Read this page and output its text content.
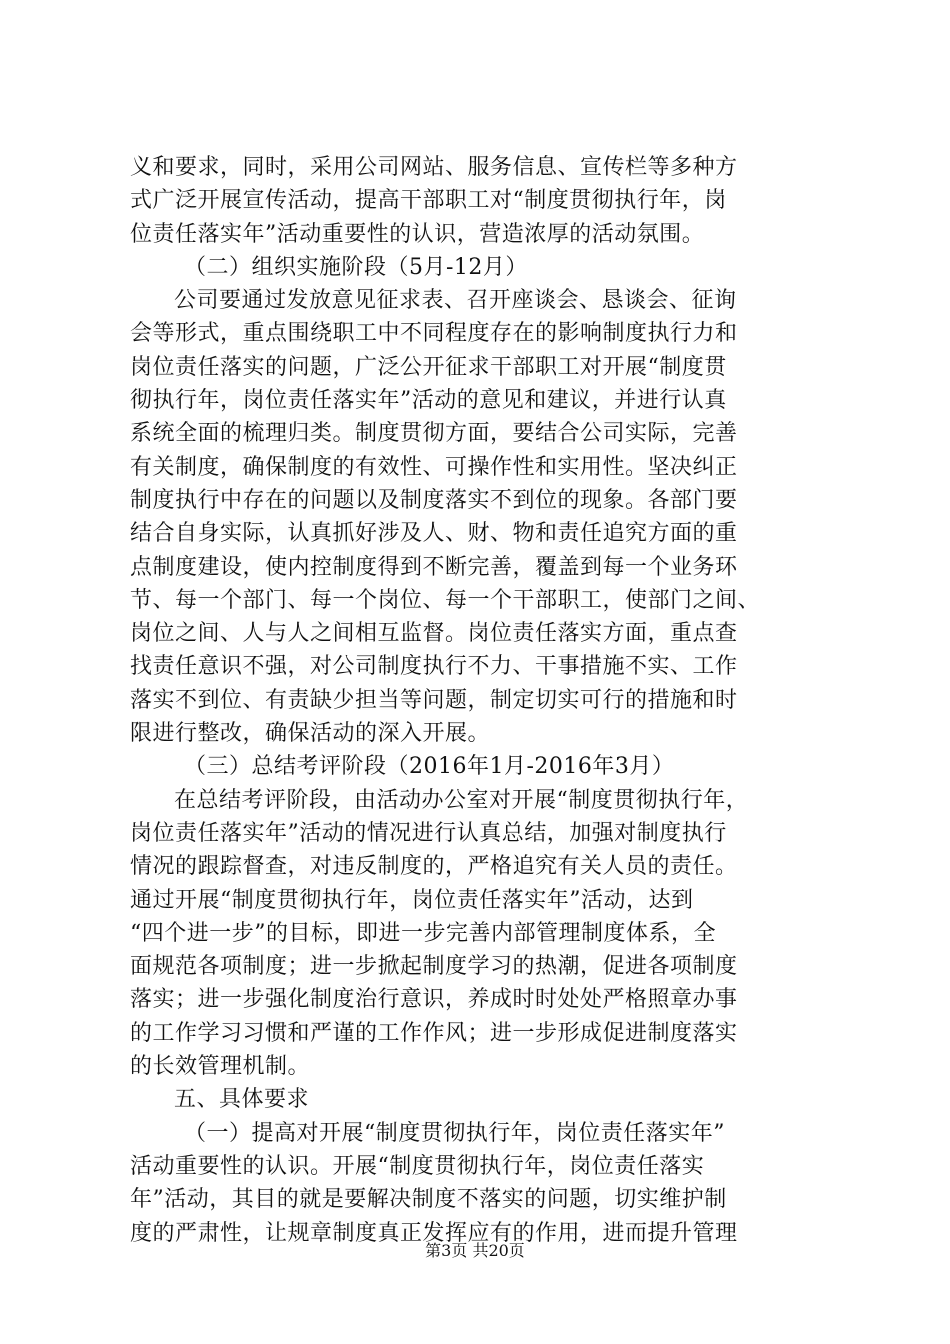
义和要求，同时，采用公司网站、服务信息、宣传栏等多种方
式广泛开展宣传活动，提高干部职工对“制度贯彻执行年，岗
位责任落实年”活动重要性的认识，营造浓厚的活动氛围。
（二）组织实施阶段（5月-12月）
公司要通过发放意见征求表、召开座谈会、恳谈会、征询
会等形式，重点围绕职工中不同程度存在的影响制度执行力和
岗位责任落实的问题，广泛公开征求干部职工对开展“制度贯
彻执行年，岗位责任落实年”活动的意见和建议，并进行认真
系统全面的梳理归类。制度贯彻方面，要结合公司实际，完善
有关制度，确保制度的有效性、可操作性和实用性。坚决纠正
制度执行中存在的问题以及制度落实不到位的现象。各部门要
结合自身实际，认真抓好涉及人、财、物和责任追究方面的重
点制度建设，使内控制度得到不断完善，覆盖到每一个业务环
节、每一个部门、每一个岗位、每一个干部职工，使部门之间、
岗位之间、人与人之间相互监督。岗位责任落实方面，重点查
找责任意识不强，对公司制度执行不力、干事措施不实、工作
落实不到位、有责缺少担当等问题，制定切实可行的措施和时
限进行整改，确保活动的深入开展。
（三）总结考评阶段（2016年1月-2016年3月）
在总结考评阶段，由活动办公室对开展“制度贯彻执行年，
岗位责任落实年”活动的情况进行认真总结，加强对制度执行
情况的跟踪督查，对违反制度的，严格追究有关人员的责任。
通过开展“制度贯彻执行年，岗位责任落实年”活动，达到
“四个进一步”的目标，即进一步完善内部管理制度体系，全
面规范各项制度；进一步掀起制度学习的热潮，促进各项制度
落实；进一步强化制度治行意识，养成时时处处严格照章办事
的工作学习习惯和严谨的工作作风；进一步形成促进制度落实
的长效管理机制。
五、具体要求
（一）提高对开展“制度贯彻执行年，岗位责任落实年”
活动重要性的认识。开展“制度贯彻执行年，岗位责任落实
年”活动，其目的就是要解决制度不落实的问题，切实维护制
度的严肃性，让规章制度真正发挥应有的作用，进而提升管理
第3页 共20页
